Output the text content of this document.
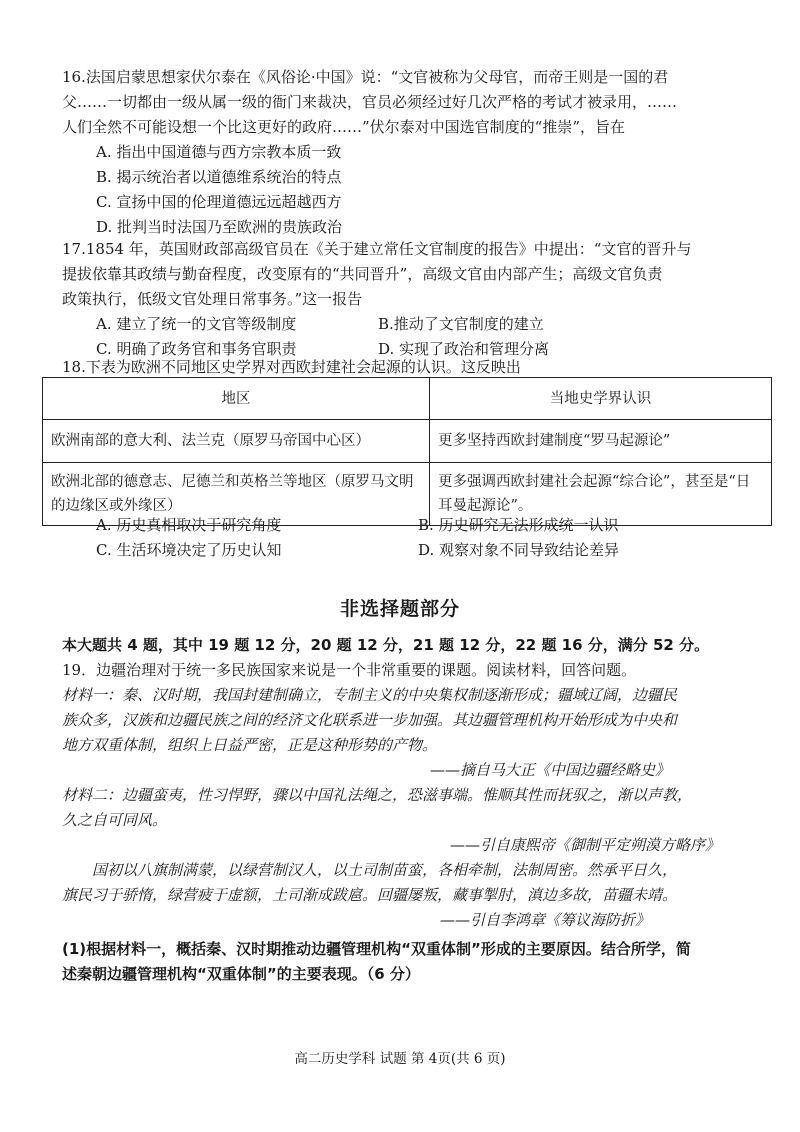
16.法国启蒙思想家伏尔泰在《风俗论·中国》说：“文官被称为父母官，而帝王则是一国的君
父……一切都由一级从属一级的衙门来裁决，官员必须经过好几次严格的考试才被录用，……
人们全然不可能设想一个比这更好的政府……”伏尔泰对中国选官制度的“推崇”，旨在
A. 指出中国道德与西方宗教本质一致
B. 揭示统治者以道德维系统治的特点
C. 宣扬中国的伦理道德远远超越西方
D. 批判当时法国乃至欧洲的贵族政治
17.1854 年，英国财政部高级官员在《关于建立常任文官制度的报告》中提出：“文官的晋升与
提拔依靠其政绩与勤奋程度，改变原有的“共同晋升”，高级文官由内部产生；高级文官负责
政策执行，低级文官处理日常事务。”这一报告
A. 建立了统一的文官等级制度	B.推动了文官制度的建立
C. 明确了政务官和事务官职责	D. 实现了政治和管理分离
18.下表为欧洲不同地区史学界对西欧封建社会起源的认识。这反映出
地区	当地史学界认识
欧洲南部的意大利、法兰克（原罗马帝国中心区）	更多坚持西欧封建制度“罗马起源论”
欧洲北部的德意志、尼德兰和英格兰等地区（原罗马文明的边缘区或外缘区）	更多强调西欧封建社会起源“综合论”，甚至是“日耳曼起源论”。
A. 历史真相取决于研究角度	B. 历史研究无法形成统一认识
C. 生活环境决定了历史认知	D. 观察对象不同导致结论差异
非选择题部分
本大题共 4 题，其中 19 题 12 分，20 题 12 分，21 题 12 分，22 题 16 分，满分 52 分。
19．边疆治理对于统一多民族国家来说是一个非常重要的课题。阅读材料，回答问题。
材料一：秦、汉时期，我国封建制确立，专制主义的中央集权制逐渐形成；疆域辽阔，边疆民
族众多，汉族和边疆民族之间的经济文化联系进一步加强。其边疆管理机构开始形成为中央和
地方双重体制，组织上日益严密，正是这种形势的产物。
——摘自马大正《中国边疆经略史》
材料二：边疆蛮夷，性习悍野，骤以中国礼法绳之，恐滋事端。惟顺其性而抚驭之，渐以声教，
久之自可同风。
——引自康熙帝《御制平定朔漠方略序》
国初以八旗制满蒙，以绿营制汉人，以土司制苗蛮，各相牵制，法制周密。然承平日久，
旗民习于骄惰，绿营疲于虚额，土司渐成跋扈。回疆屡叛，藏事掣肘，滇边多故，苗疆未靖。
——引自李鸿章《筹议海防折》
(1)根据材料一，概括秦、汉时期推动边疆管理机构“双重体制”形成的主要原因。结合所学，简
述秦朝边疆管理机构“双重体制”的主要表现。（6 分）
高二历史学科 试题 第 4页(共 6 页)
